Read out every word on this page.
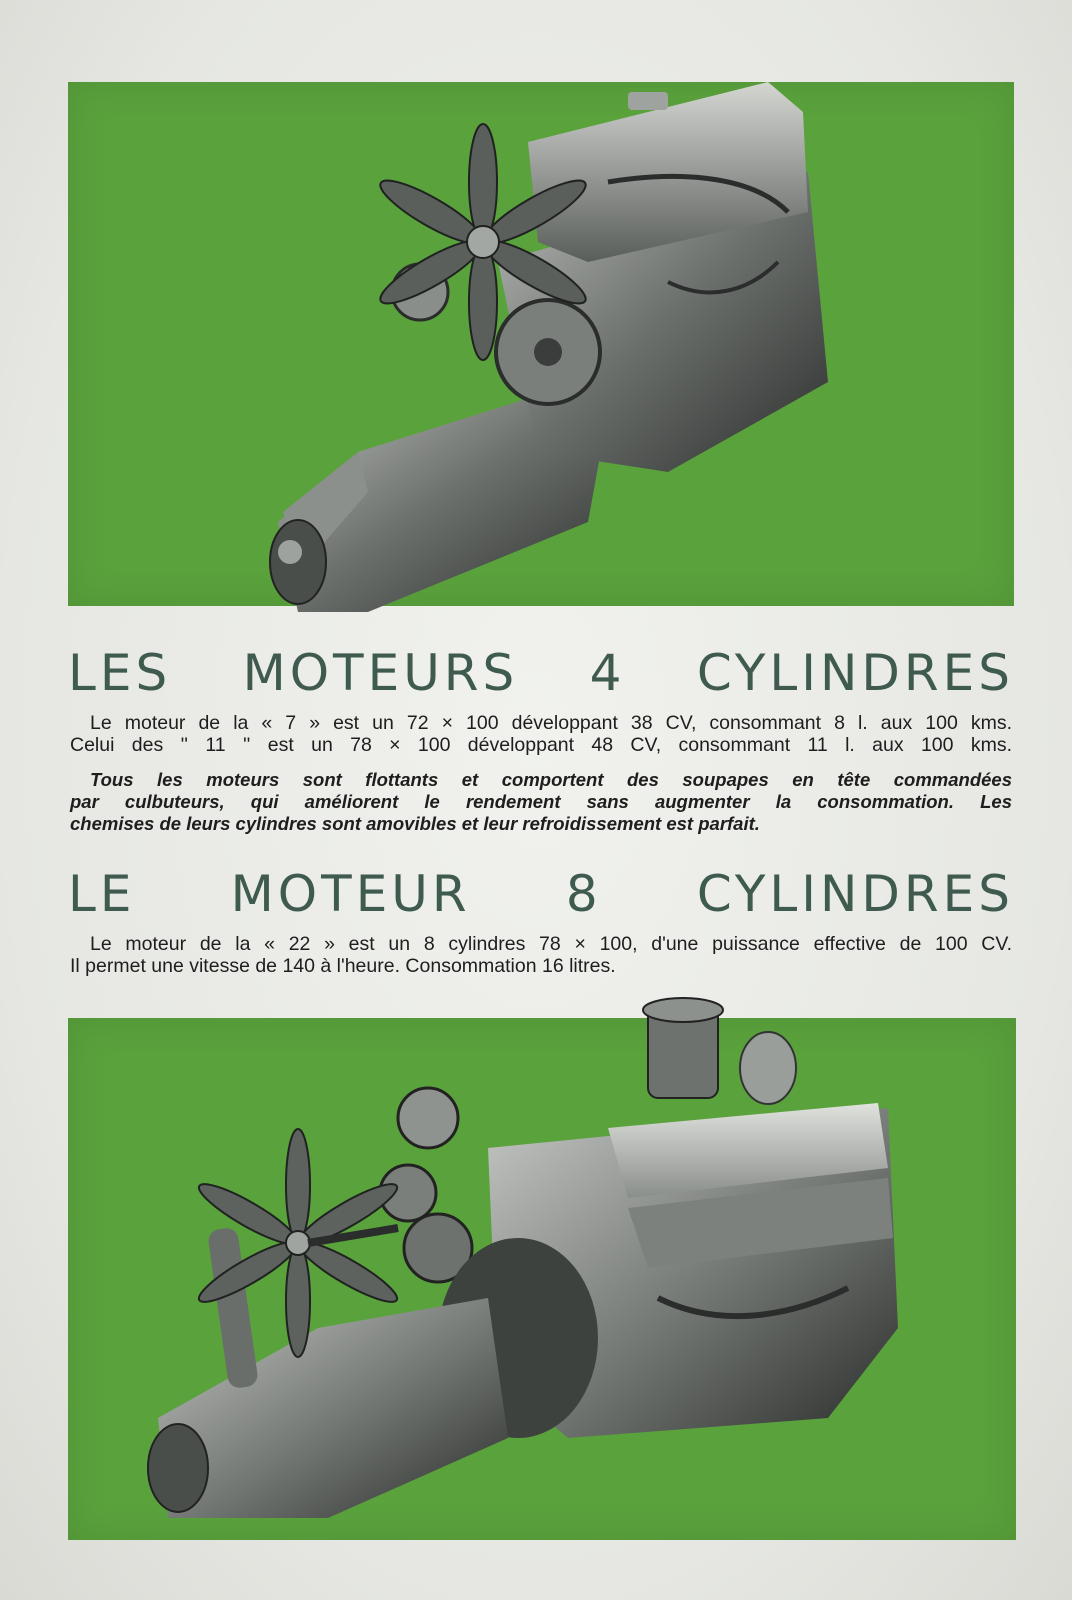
LES MOTEURS 4 CYLINDRES

Le moteur de la « 7 » est un 72 × 100 développant 38 CV, consommant 8 l. aux 100 kms.
Celui des '' 11 '' est un 78 × 100 développant 48 CV, consommant 11 l. aux 100 kms.

Tous les moteurs sont flottants et comportent des soupapes en tête commandées
par culbuteurs, qui améliorent le rendement sans augmenter la consommation. Les
chemises de leurs cylindres sont amovibles et leur refroidissement est parfait.

LE MOTEUR 8 CYLINDRES

Le moteur de la « 22 » est un 8 cylindres 78 × 100, d'une puissance effective de 100 CV.
Il permet une vitesse de 140 à l'heure. Consommation 16 litres.
